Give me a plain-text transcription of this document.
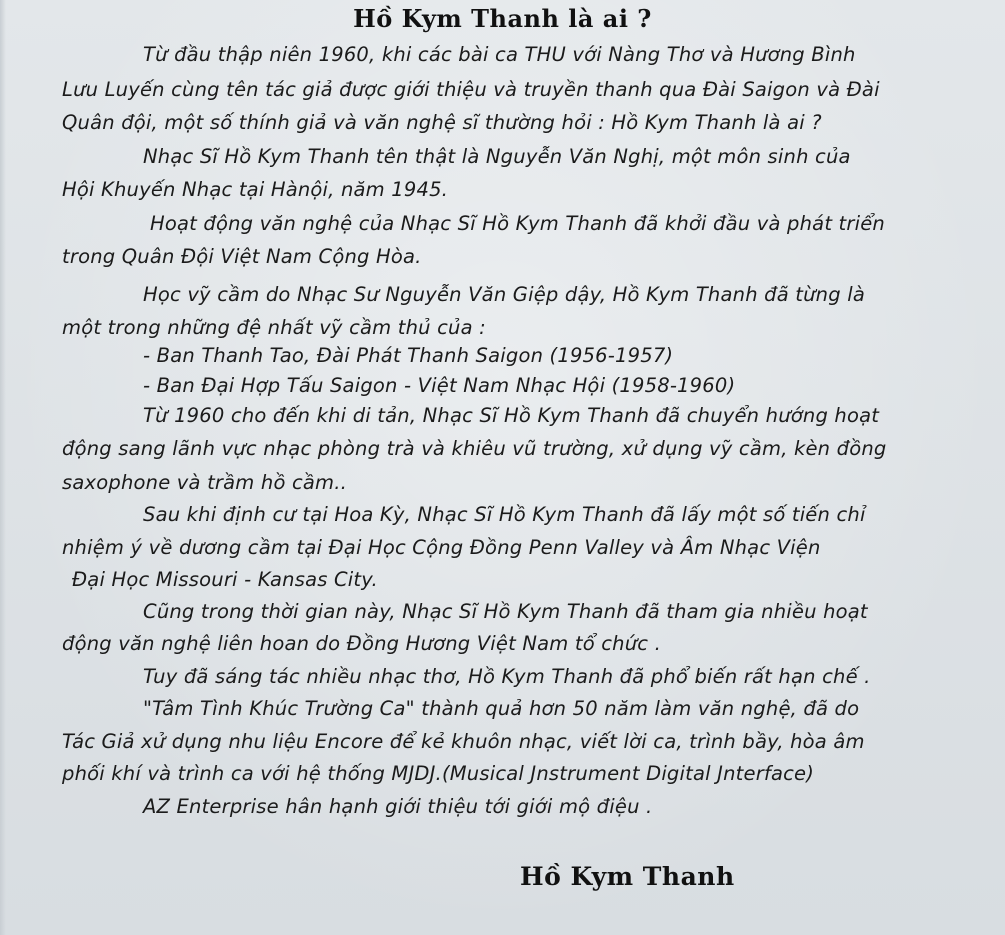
Hồ Kym Thanh là ai ?
Từ đầu thập niên 1960, khi các bài ca THU với Nàng Thơ và Hương Bình
Lưu Luyến cùng tên tác giả được giới thiệu và truyền thanh qua Đài Saigon và Đài
Quân đội, một số thính giả và văn nghệ sĩ thường hỏi : Hồ Kym Thanh là ai ?
Nhạc Sĩ Hồ Kym Thanh tên thật là Nguyễn Văn Nghị, một môn sinh của
Hội Khuyến Nhạc tại Hànội, năm 1945.
Hoạt động văn nghệ của Nhạc Sĩ Hồ Kym Thanh đã khởi đầu và phát triển
trong Quân Đội Việt Nam Cộng Hòa.
Học vỹ cầm do Nhạc Sư Nguyễn Văn Giệp dậy, Hồ Kym Thanh đã từng là
một trong những đệ nhất vỹ cầm thủ của :
- Ban Thanh Tao, Đài Phát Thanh Saigon (1956-1957)
- Ban Đại Hợp Tấu Saigon - Việt Nam Nhạc Hội (1958-1960)
Từ 1960 cho đến khi di tản, Nhạc Sĩ Hồ Kym Thanh đã chuyển hướng hoạt
động sang lãnh vực nhạc phòng trà và khiêu vũ trường, xử dụng vỹ cầm, kèn đồng
saxophone và trầm hồ cầm..
Sau khi định cư tại Hoa Kỳ, Nhạc Sĩ Hồ Kym Thanh đã lấy một số tiến chỉ
nhiệm ý về dương cầm tại Đại Học Cộng Đồng Penn Valley và Âm Nhạc Viện
Đại Học Missouri - Kansas City.
Cũng trong thời gian này, Nhạc Sĩ Hồ Kym Thanh đã tham gia nhiều hoạt
động văn nghệ liên hoan do Đồng Hương Việt Nam tổ chức .
Tuy đã sáng tác nhiều nhạc thơ, Hồ Kym Thanh đã phổ biến rất hạn chế .
"Tâm Tình Khúc Trường Ca" thành quả hơn 50 năm làm văn nghệ, đã do
Tác Giả xử dụng nhu liệu Encore để kẻ khuôn nhạc, viết lời ca, trình bầy, hòa âm
phối khí và trình ca với hệ thống MJDJ.(Musical Jnstrument Digital Jnterface)
AZ Enterprise hân hạnh giới thiệu tới giới mộ điệu .
Hồ Kym Thanh
